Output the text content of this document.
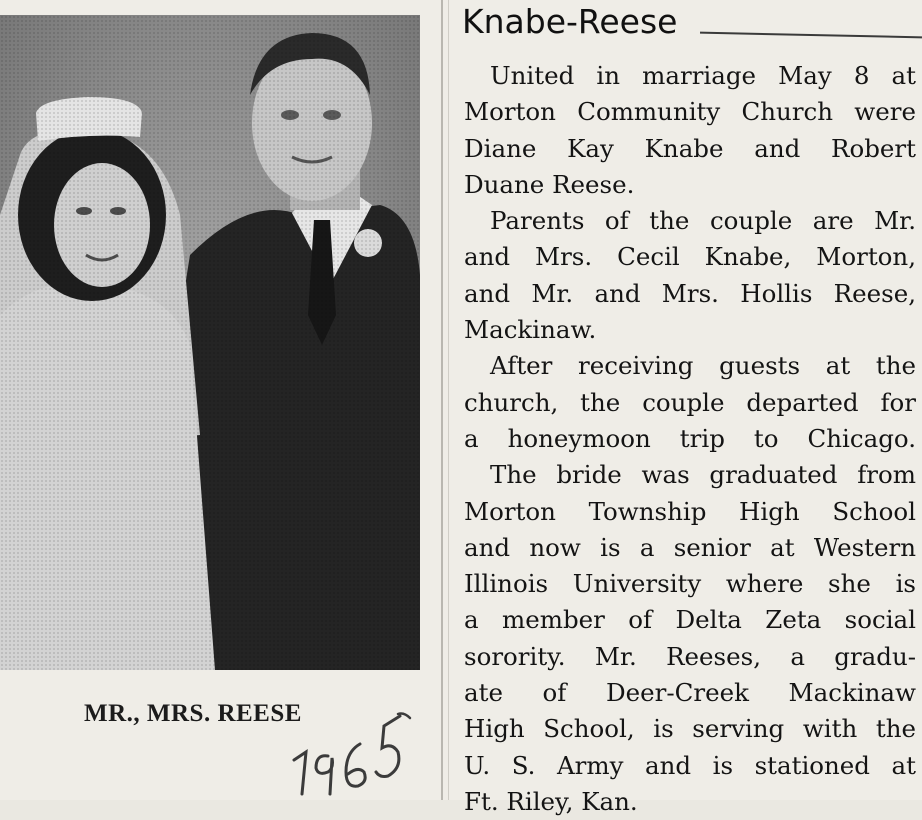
MR., MRS. REESE
Knabe-Reese
United in marriage May 8 at
Morton Community Church were
Diane Kay Knabe and Robert
Duane Reese.
Parents of the couple are Mr.
and Mrs. Cecil Knabe, Morton,
and Mr. and Mrs. Hollis Reese,
Mackinaw.
After receiving guests at the
church, the couple departed for
a honeymoon trip to Chicago.
The bride was graduated from
Morton Township High School
and now is a senior at Western
Illinois University where she is
a member of Delta Zeta social
sorority. Mr. Reeses, a gradu-
ate of Deer-Creek Mackinaw
High School, is serving with the
U. S. Army and is stationed at
Ft. Riley, Kan.
